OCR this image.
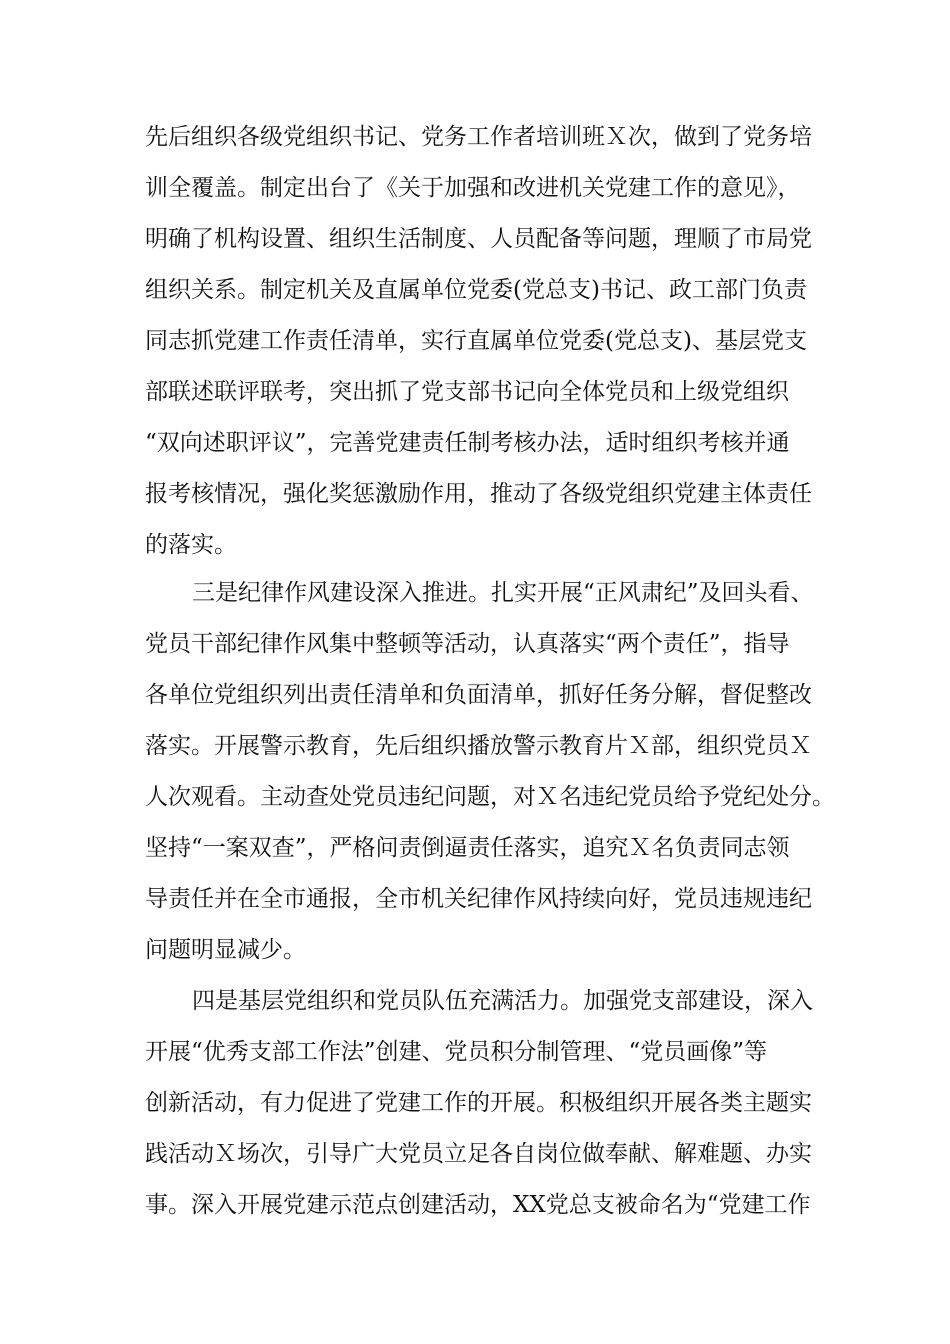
先后组织各级党组织书记、党务工作者培训班Ｘ次，做到了党务培
训全覆盖。制定出台了《关于加强和改进机关党建工作的意见》，
明确了机构设置、组织生活制度、人员配备等问题，理顺了市局党
组织关系。制定机关及直属单位党委(党总支)书记、政工部门负责
同志抓党建工作责任清单，实行直属单位党委(党总支)、基层党支
部联述联评联考，突出抓了党支部书记向全体党员和上级党组织
“双向述职评议”，完善党建责任制考核办法，适时组织考核并通
报考核情况，强化奖惩激励作用，推动了各级党组织党建主体责任
的落实。
三是纪律作风建设深入推进。扎实开展“正风肃纪”及回头看、
党员干部纪律作风集中整顿等活动，认真落实“两个责任”，指导
各单位党组织列出责任清单和负面清单，抓好任务分解，督促整改
落实。开展警示教育，先后组织播放警示教育片Ｘ部，组织党员Ｘ
人次观看。主动查处党员违纪问题，对Ｘ名违纪党员给予党纪处分。
坚持“一案双查”，严格问责倒逼责任落实，追究Ｘ名负责同志领
导责任并在全市通报，全市机关纪律作风持续向好，党员违规违纪
问题明显减少。
四是基层党组织和党员队伍充满活力。加强党支部建设，深入
开展“优秀支部工作法”创建、党员积分制管理、“党员画像”等
创新活动，有力促进了党建工作的开展。积极组织开展各类主题实
践活动Ｘ场次，引导广大党员立足各自岗位做奉献、解难题、办实
事。深入开展党建示范点创建活动，XX党总支被命名为“党建工作
